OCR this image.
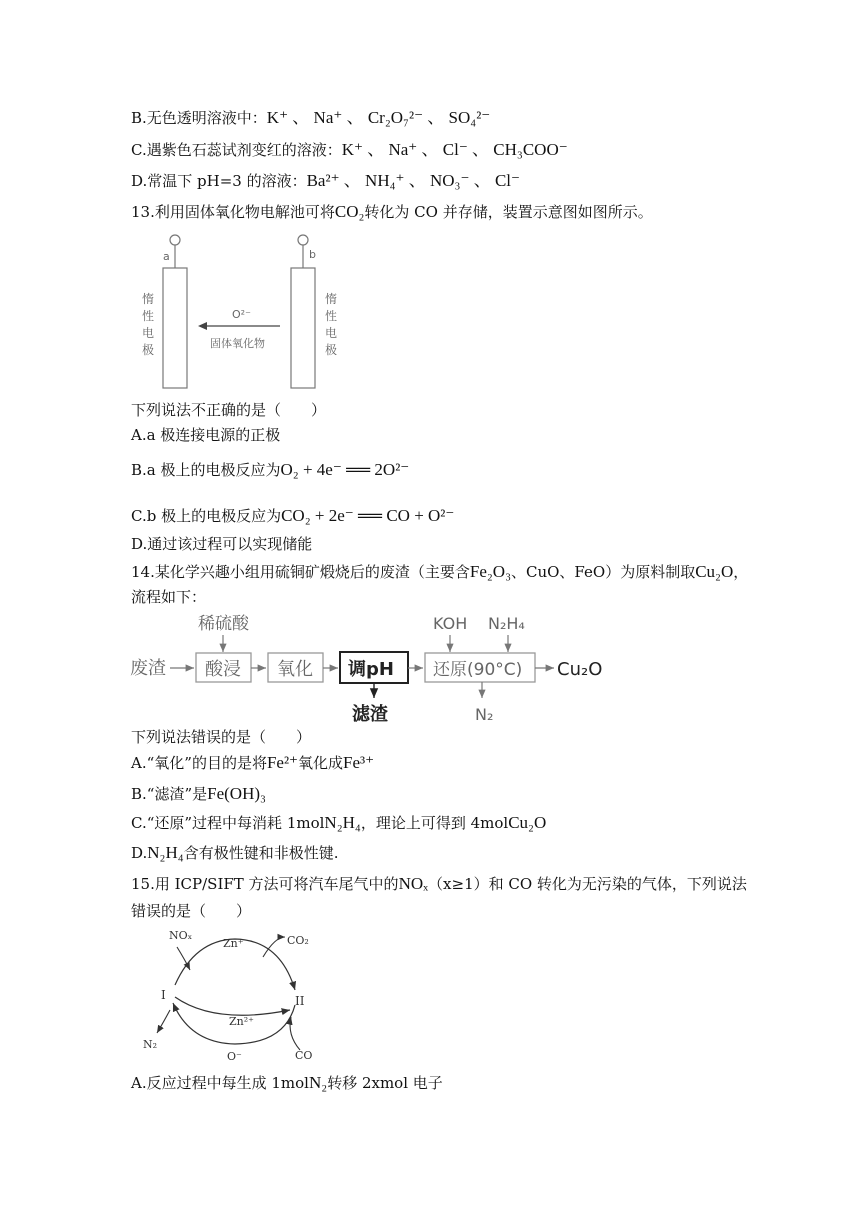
B.无色透明溶液中：K⁺ 、 Na⁺ 、 Cr₂O₇²⁻ 、 SO₄²⁻
C.遇紫色石蕊试剂变红的溶液：K⁺ 、 Na⁺ 、 Cl⁻ 、 CH₃COO⁻
D.常温下 pH=3 的溶液：Ba²⁺ 、 NH₄⁺ 、 NO₃⁻ 、 Cl⁻
13.利用固体氧化物电解池可将CO₂转化为 CO 并存储，装置示意图如图所示。
a
惰
性
电
极
b
惰
性
电
极
O²⁻
固体氧化物
下列说法不正确的是（　　）
A.a 极连接电源的正极
B.a 极上的电极反应为O₂ + 4e⁻ ══ 2O²⁻
C.b 极上的电极反应为CO₂ + 2e⁻ ══ CO + O²⁻
D.通过该过程可以实现储能
14.某化学兴趣小组用硫铜矿煅烧后的废渣（主要含Fe₂O₃、CuO、FeO）为原料制取Cu₂O，
流程如下：
稀硫酸
废渣 酸浸 氧化 调pH
滤渣
KOH N₂H₄
还原(90°C)
N₂
Cu₂O
下列说法错误的是（　　）
A.“氧化”的目的是将Fe²⁺氧化成Fe³⁺
B.“滤渣”是Fe(OH)₃
C.“还原”过程中每消耗 1molN₂H₄，理论上可得到 4molCu₂O
D.N₂H₄含有极性键和非极性键.
15.用 ICP/SIFT 方法可将汽车尾气中的NOₓ（x≥1）和 CO 转化为无污染的气体，下列说法
错误的是（　　）
NOₓ
Zn⁺	CO₂
I	II
Zn²⁺
N₂
O⁻	CO
A.反应过程中每生成 1molN₂转移 2xmol 电子
